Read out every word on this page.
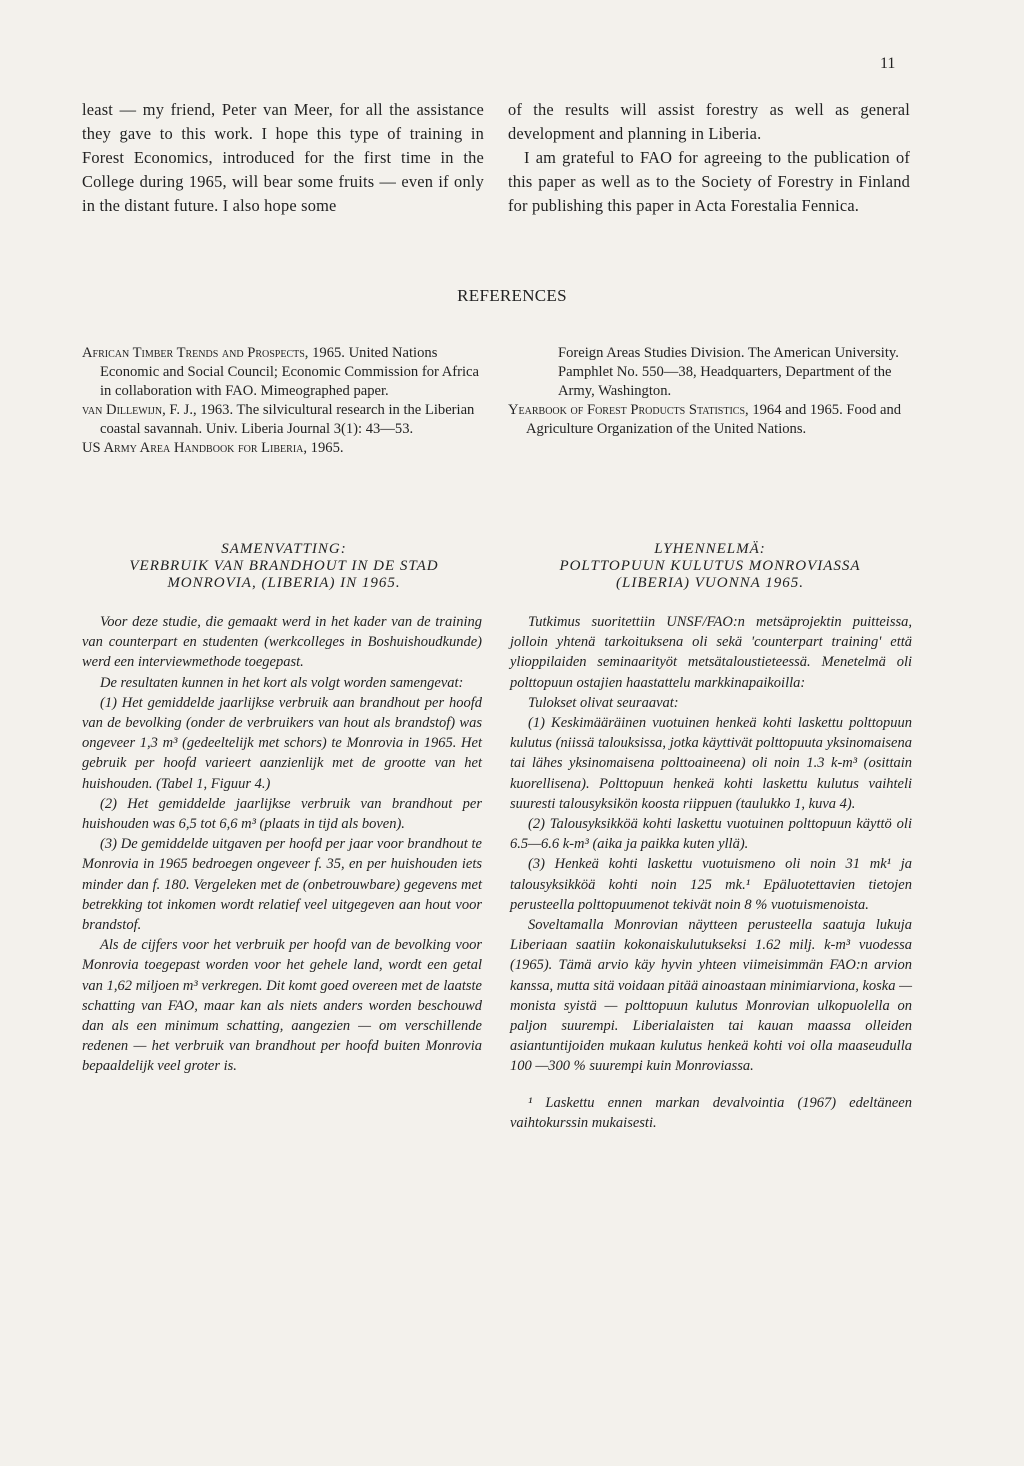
11

least — my friend, Peter van Meer, for all the assistance they gave to this work. I hope this type of training in Forest Economics, introduced for the first time in the College during 1965, will bear some fruits — even if only in the distant future. I also hope some

of the results will assist forestry as well as general development and planning in Liberia.

I am grateful to FAO for agreeing to the publication of this paper as well as to the Society of Forestry in Finland for publishing this paper in Acta Forestalia Fennica.

REFERENCES

African Timber Trends and Prospects, 1965. United Nations Economic and Social Council; Economic Commission for Africa in collaboration with FAO. Mimeographed paper.

van Dillewijn, F. J., 1963. The silvicultural research in the Liberian coastal savannah. Univ. Liberia Journal 3(1): 43—53.

US Army Area Handbook for Liberia, 1965.

Foreign Areas Studies Division. The American University. Pamphlet No. 550—38, Headquarters, Department of the Army, Washington.

Yearbook of Forest Products Statistics, 1964 and 1965. Food and Agriculture Organization of the United Nations.

SAMENVATTING:
VERBRUIK VAN BRANDHOUT IN DE STAD
MONROVIA, (LIBERIA) IN 1965.
LYHENNELMÄ:
POLTTOPUUN KULUTUS MONROVIASSA
(LIBERIA) VUONNA 1965.

Voor deze studie, die gemaakt werd in het kader van de training van counterpart en studenten (werkcolleges in Boshuishoudkunde) werd een interviewmethode toegepast.

De resultaten kunnen in het kort als volgt worden samengevat:

(1) Het gemiddelde jaarlijkse verbruik aan brandhout per hoofd van de bevolking (onder de verbruikers van hout als brandstof) was ongeveer 1,3 m³ (gedeeltelijk met schors) te Monrovia in 1965. Het gebruik per hoofd varieert aanzienlijk met de grootte van het huishouden. (Tabel 1, Figuur 4.)

(2) Het gemiddelde jaarlijkse verbruik van brandhout per huishouden was 6,5 tot 6,6 m³ (plaats in tijd als boven).

(3) De gemiddelde uitgaven per hoofd per jaar voor brandhout te Monrovia in 1965 bedroegen ongeveer f. 35, en per huishouden iets minder dan f. 180. Vergeleken met de (onbetrouwbare) gegevens met betrekking tot inkomen wordt relatief veel uitgegeven aan hout voor brandstof.

Als de cijfers voor het verbruik per hoofd van de bevolking voor Monrovia toegepast worden voor het gehele land, wordt een getal van 1,62 miljoen m³ verkregen. Dit komt goed overeen met de laatste schatting van FAO, maar kan als niets anders worden beschouwd dan als een minimum schatting, aangezien — om verschillende redenen — het verbruik van brandhout per hoofd buiten Monrovia bepaaldelijk veel groter is.

Tutkimus suoritettiin UNSF/FAO:n metsäprojektin puitteissa, jolloin yhtenä tarkoituksena oli sekä 'counterpart training' että ylioppilaiden seminaarityöt metsätaloustieteessä. Menetelmä oli polttopuun ostajien haastattelu markkinapaikoilla:

Tulokset olivat seuraavat:

(1) Keskimääräinen vuotuinen henkeä kohti laskettu polttopuun kulutus (niissä talouksissa, jotka käyttivät polttopuuta yksinomaisena tai lähes yksinomaisena polttoaineena) oli noin 1.3 k-m³ (osittain kuorellisena). Polttopuun henkeä kohti laskettu kulutus vaihteli suuresti talousyksikön koosta riippuen (taulukko 1, kuva 4).

(2) Talousyksikköä kohti laskettu vuotuinen polttopuun käyttö oli 6.5—6.6 k-m³ (aika ja paikka kuten yllä).

(3) Henkeä kohti laskettu vuotuismeno oli noin 31 mk¹ ja talousyksikköä kohti noin 125 mk.¹ Epäluotettavien tietojen perusteella polttopuumenot tekivät noin 8 % vuotuismenoista.

Soveltamalla Monrovian näytteen perusteella saatuja lukuja Liberiaan saatiin kokonaiskulutukseksi 1.62 milj. k-m³ vuodessa (1965). Tämä arvio käy hyvin yhteen viimeisimmän FAO:n arvion kanssa, mutta sitä voidaan pitää ainoastaan minimiarviona, koska — monista syistä — polttopuun kulutus Monrovian ulkopuolella on paljon suurempi. Liberialaisten tai kauan maassa olleiden asiantuntijoiden mukaan kulutus henkeä kohti voi olla maaseudulla 100 —300 % suurempi kuin Monroviassa.

¹ Laskettu ennen markan devalvointia (1967) edeltäneen vaihtokurssin mukaisesti.
